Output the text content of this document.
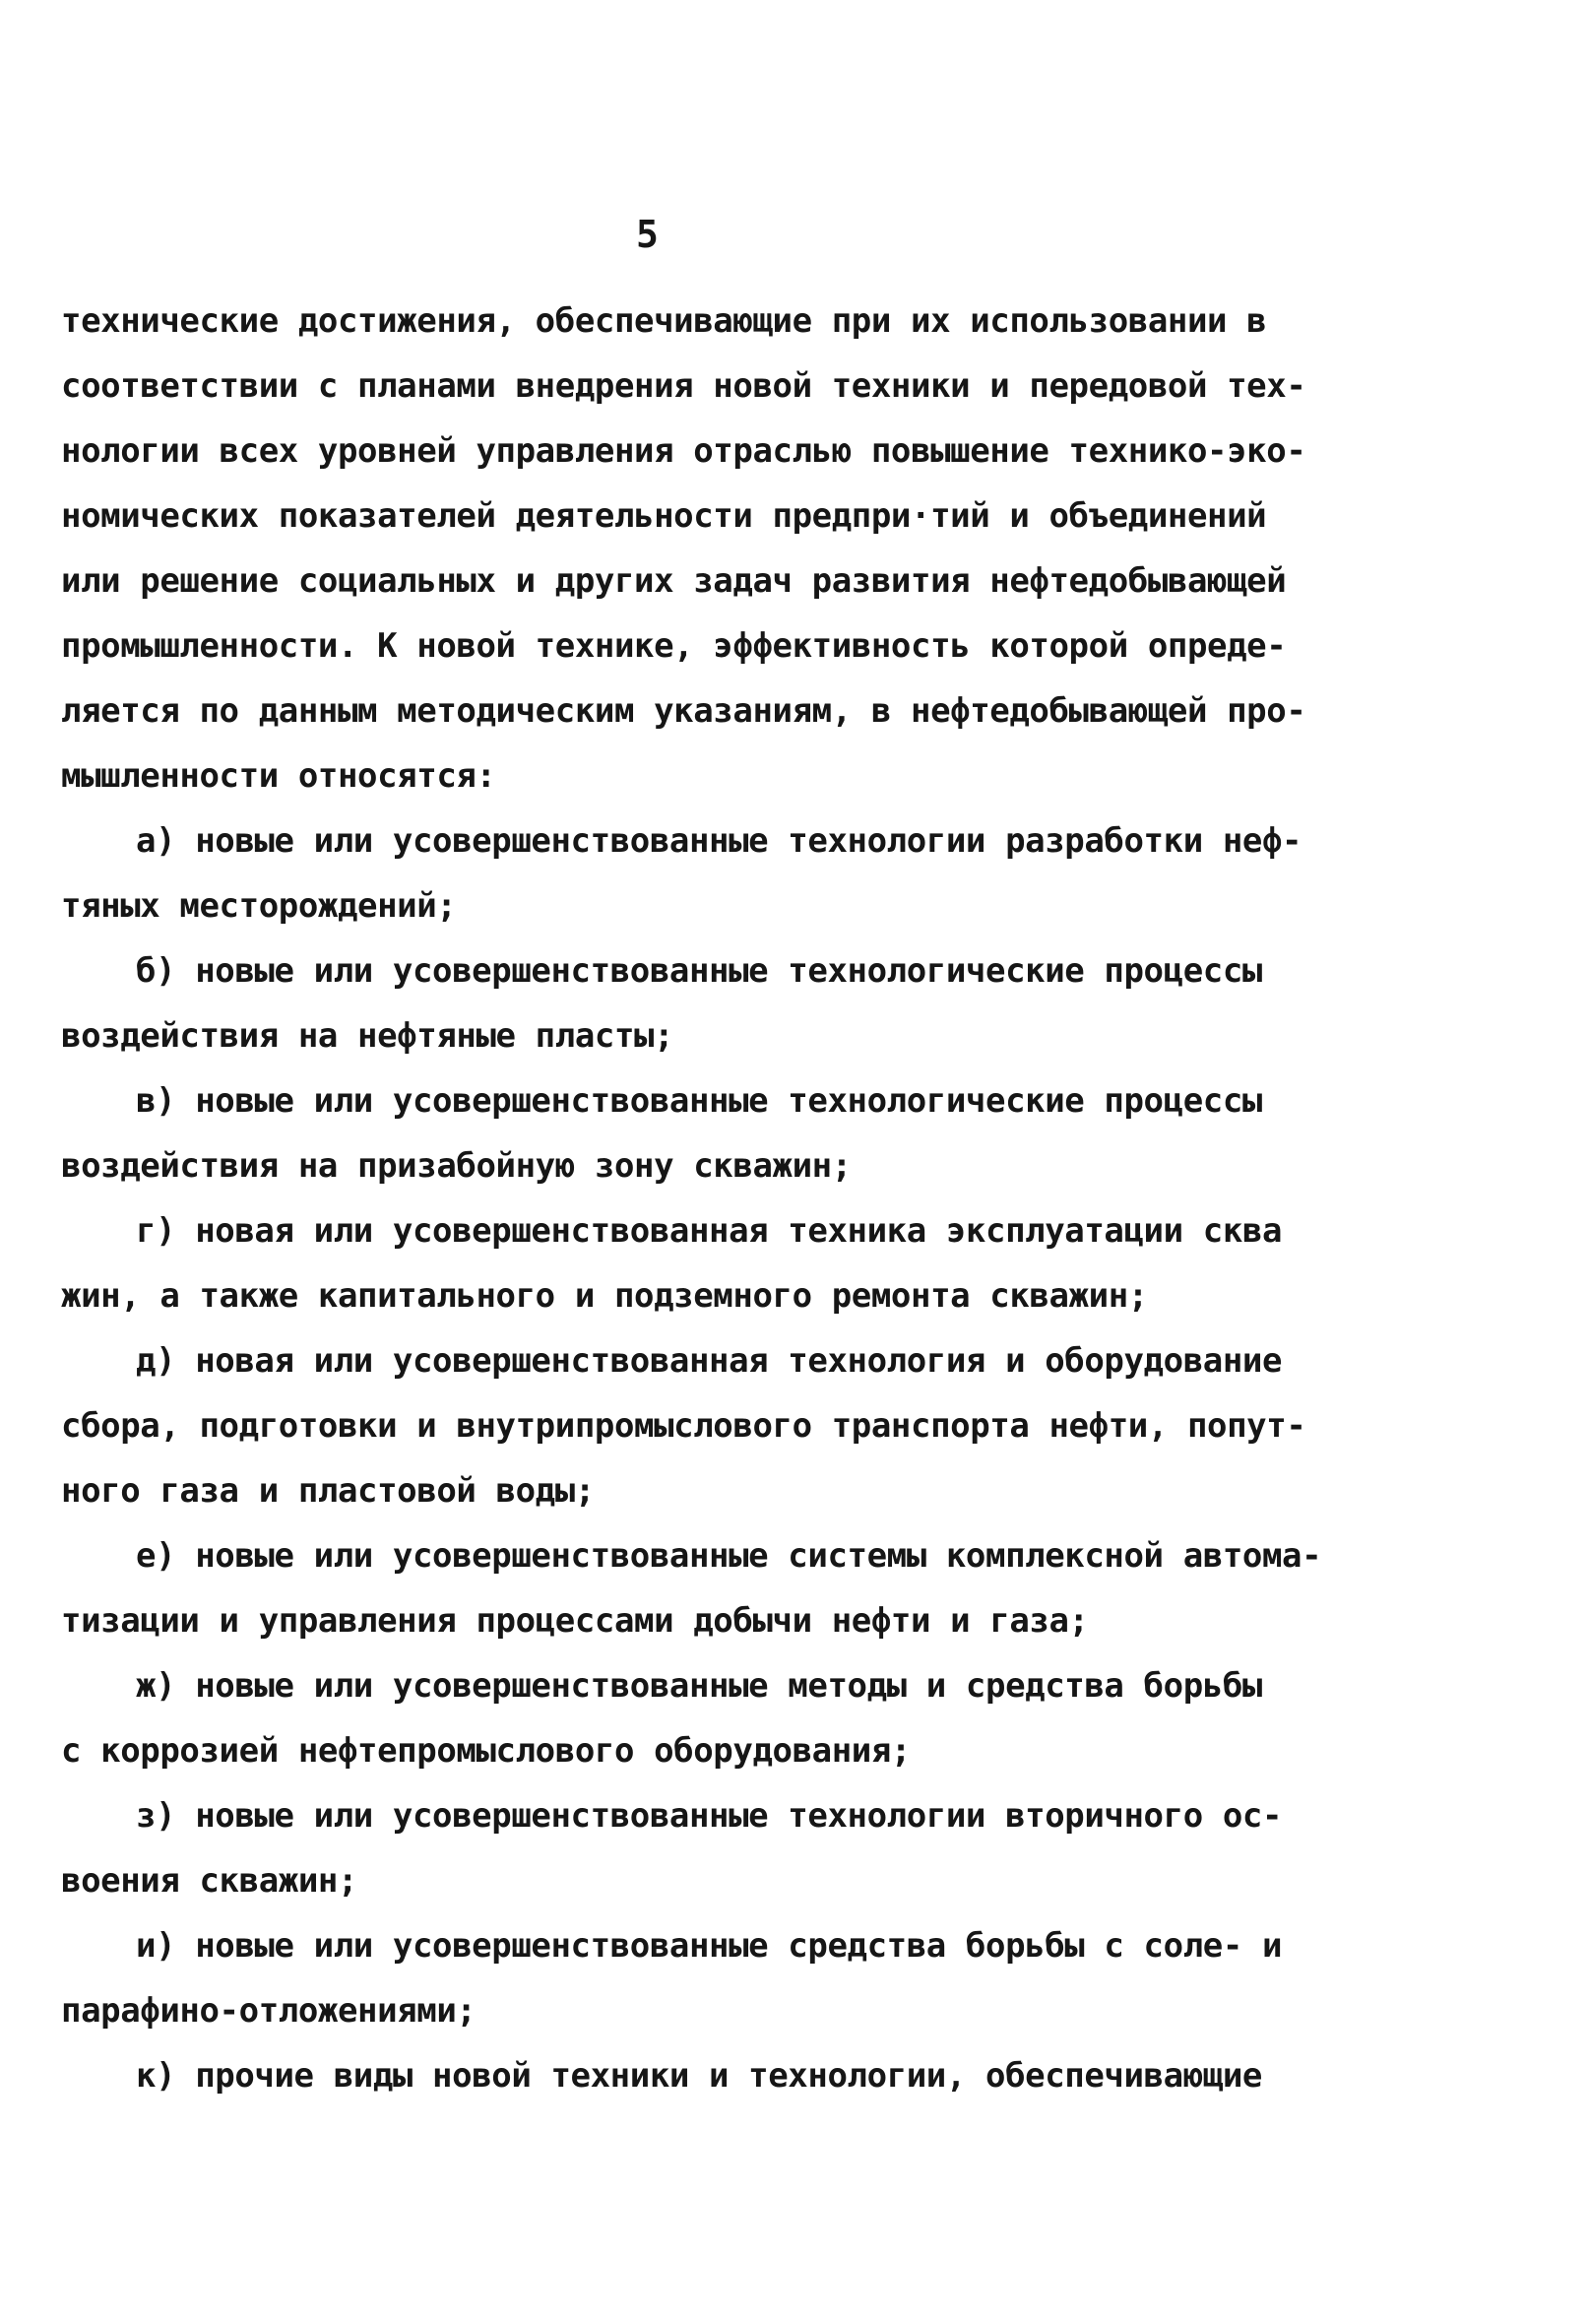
5
технические достижения, обеспечивающие при их использовании в
соответствии с планами внедрения новой техники и передовой тех-
нологии всех уровней управления отраслью повышение технико-эко-
номических показателей деятельности предпри·тий и объединений
или решение социальных и других задач развития нефтедобывающей
промышленности. К новой технике, эффективность которой опреде-
ляется по данным методическим указаниям, в нефтедобывающей про-
мышленности относятся:
а) новые или усовершенствованные технологии разработки неф-
тяных месторождений;
б) новые или усовершенствованные технологические процессы
воздействия на нефтяные пласты;
в) новые или усовершенствованные технологические процессы
воздействия на призабойную зону скважин;
г) новая или усовершенствованная техника эксплуатации сква
жин, а также капитального и подземного ремонта скважин;
д) новая или усовершенствованная технология и оборудование
сбора, подготовки и внутрипромыслового транспорта нефти, попут-
ного газа и пластовой воды;
е) новые или усовершенствованные системы комплексной автома-
тизации и управления процессами добычи нефти и газа;
ж) новые или усовершенствованные методы и средства борьбы
с коррозией нефтепромыслового оборудования;
з) новые или усовершенствованные технологии вторичного ос-
воения скважин;
и) новые или усовершенствованные средства борьбы с соле- и
парафино-отложениями;
к) прочие виды новой техники и технологии, обеспечивающие
